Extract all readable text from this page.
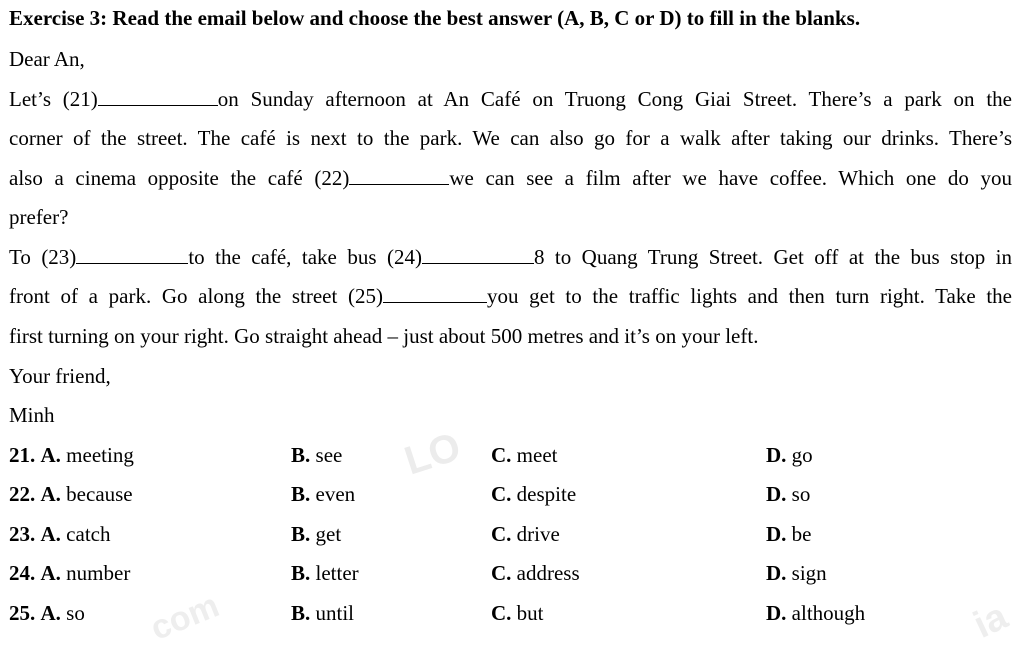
LO
com	ia
Exercise 3: Read the email below and choose the best answer (A, B, C or D) to fill in the blanks.
Dear An,
Let’s (21)	on Sunday afternoon at An Café on Truong Cong Giai Street. There’s a park on the
corner of the street. The café is next to the park. We can also go for a walk after taking our drinks. There’s
also a cinema opposite the café (22)	we can see a film after we have coffee. Which one do you
prefer?
To (23)	to the café, take bus (24)	8 to Quang Trung Street. Get off at the bus stop in
front of a park. Go along the street (25)	you get to the traffic lights and then turn right. Take the
first turning on your right. Go straight ahead – just about 500 metres and it’s on your left.
Your friend,
Minh
21. A. meeting	B. see	C. meet	D. go
22. A. because	B. even	C. despite	D. so
23. A. catch	B. get	C. drive	D. be
24. A. number	B. letter	C. address	D. sign
25. A. so	B. until	C. but	D. although
